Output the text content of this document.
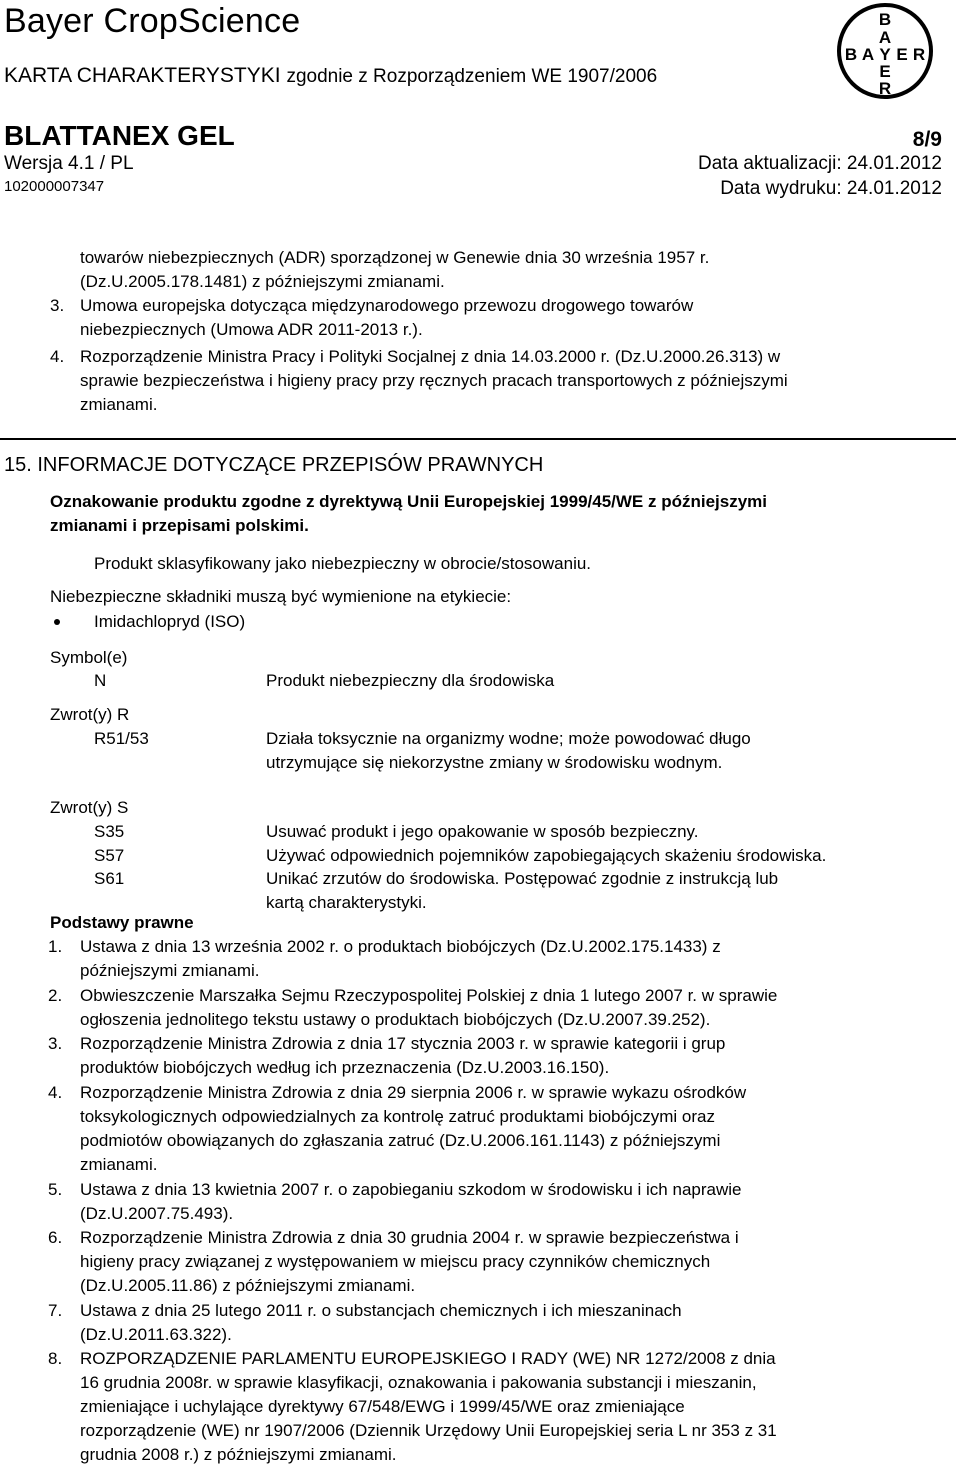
Bayer CropScience
KARTA CHARAKTERYSTYKI zgodnie z Rozporządzeniem WE 1907/2006
BLATTANEX GEL	8/9
Wersja 4.1 / PL
102000007347
Data aktualizacji: 24.01.2012
Data wydruku: 24.01.2012
B
A
B A Y E R
E
R
towarów niebezpiecznych (ADR) sporządzonej w Genewie dnia 30 września 1957 r.
(Dz.U.2005.178.1481) z późniejszymi zmianami.
3. Umowa europejska dotycząca międzynarodowego przewozu drogowego towarów
niebezpiecznych (Umowa ADR 2011-2013 r.).
4. Rozporządzenie Ministra Pracy i Polityki Socjalnej z dnia 14.03.2000 r. (Dz.U.2000.26.313) w
sprawie bezpieczeństwa i higieny pracy przy ręcznych pracach transportowych z późniejszymi
zmianami.
15. INFORMACJE DOTYCZĄCE PRZEPISÓW PRAWNYCH
Oznakowanie produktu zgodne z dyrektywą Unii Europejskiej 1999/45/WE z późniejszymi
zmianami i przepisami polskimi.
Produkt sklasyfikowany jako niebezpieczny w obrocie/stosowaniu.
Niebezpieczne składniki muszą być wymienione na etykiecie:
Imidachlopryd (ISO)
Symbol(e)
N	Produkt niebezpieczny dla środowiska
Zwrot(y) R
R51/53	Działa toksycznie na organizmy wodne; może powodować długo
utrzymujące się niekorzystne zmiany w środowisku wodnym.
Zwrot(y) S
S35	Usuwać produkt i jego opakowanie w sposób bezpieczny.
S57	Używać odpowiednich pojemników zapobiegających skażeniu środowiska.
S61	Unikać zrzutów do środowiska. Postępować zgodnie z instrukcją lub
kartą charakterystyki.
Podstawy prawne
1. Ustawa z dnia 13 września 2002 r. o produktach biobójczych (Dz.U.2002.175.1433) z
późniejszymi zmianami.
2. Obwieszczenie Marszałka Sejmu Rzeczypospolitej Polskiej z dnia 1 lutego 2007 r. w sprawie
ogłoszenia jednolitego tekstu ustawy o produktach biobójczych (Dz.U.2007.39.252).
3. Rozporządzenie Ministra Zdrowia z dnia 17 stycznia 2003 r. w sprawie kategorii i grup
produktów biobójczych według ich przeznaczenia (Dz.U.2003.16.150).
4. Rozporządzenie Ministra Zdrowia z dnia 29 sierpnia 2006 r. w sprawie wykazu ośrodków
toksykologicznych odpowiedzialnych za kontrolę zatruć produktami biobójczymi oraz
podmiotów obowiązanych do zgłaszania zatruć (Dz.U.2006.161.1143) z późniejszymi
zmianami.
5. Ustawa z dnia 13 kwietnia 2007 r. o zapobieganiu szkodom w środowisku i ich naprawie
(Dz.U.2007.75.493).
6. Rozporządzenie Ministra Zdrowia z dnia 30 grudnia 2004 r. w sprawie bezpieczeństwa i
higieny pracy związanej z występowaniem w miejscu pracy czynników chemicznych
(Dz.U.2005.11.86) z późniejszymi zmianami.
7. Ustawa z dnia 25 lutego 2011 r. o substancjach chemicznych i ich mieszaninach
(Dz.U.2011.63.322).
8. ROZPORZĄDZENIE PARLAMENTU EUROPEJSKIEGO I RADY (WE) NR 1272/2008 z dnia
16 grudnia 2008r. w sprawie klasyfikacji, oznakowania i pakowania substancji i mieszanin,
zmieniające i uchylające dyrektywy 67/548/EWG i 1999/45/WE oraz zmieniające
rozporządzenie (WE) nr 1907/2006 (Dziennik Urzędowy Unii Europejskiej seria L nr 353 z 31
grudnia 2008 r.) z późniejszymi zmianami.
